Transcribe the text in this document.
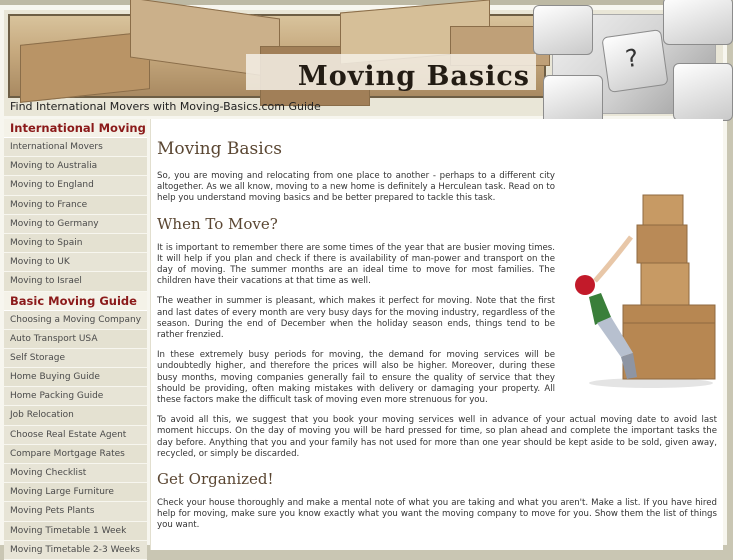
Moving Basics
Find International Movers with Moving-Basics.com Guide
?
International Moving
International Movers
Moving to Australia
Moving to England
Moving to France
Moving to Germany
Moving to Spain
Moving to UK
Moving to Israel
Basic Moving Guide
Choosing a Moving Company
Auto Transport USA
Self Storage
Home Buying Guide
Home Packing Guide
Job Relocation
Choose Real Estate Agent
Compare Mortgage Rates
Moving Checklist
Moving Large Furniture
Moving Pets Plants
Moving Timetable 1 Week
Moving Timetable 2-3 Weeks
Moving Basics

So, you are moving and relocating from one place to another - perhaps to a different city altogether. As we all know, moving to a new home is definitely a Herculean task. Read on to help you understand moving basics and be better prepared to tackle this task.

When To Move?

It is important to remember there are some times of the year that are busier moving times. It will help if you plan and check if there is availability of man-power and transport on the day of moving. The summer months are an ideal time to move for most families. The children have their vacations at that time as well.

The weather in summer is pleasant, which makes it perfect for moving. Note that the first and last dates of every month are very busy days for the moving industry, regardless of the season. During the end of December when the holiday season ends, things tend to be rather frenzied.

In these extremely busy periods for moving, the demand for moving services will be undoubtedly higher, and therefore the prices will also be higher. Moreover, during these busy months, moving companies generally fail to ensure the quality of service that they should be providing, often making mistakes with delivery or damaging your property. All these factors make the difficult task of moving even more strenuous for you.

To avoid all this, we suggest that you book your moving services well in advance of your actual moving date to avoid last moment hiccups. On the day of moving you will be hard pressed for time, so plan ahead and complete the important tasks the day before. Anything that you and your family has not used for more than one year should be kept aside to be sold, given away, recycled, or simply be discarded.

Get Organized!

Check your house thoroughly and make a mental note of what you are taking and what you aren't. Make a list. If you have hired help for moving, make sure you know exactly what you want the moving company to move for you. Show them the list of things you want.
